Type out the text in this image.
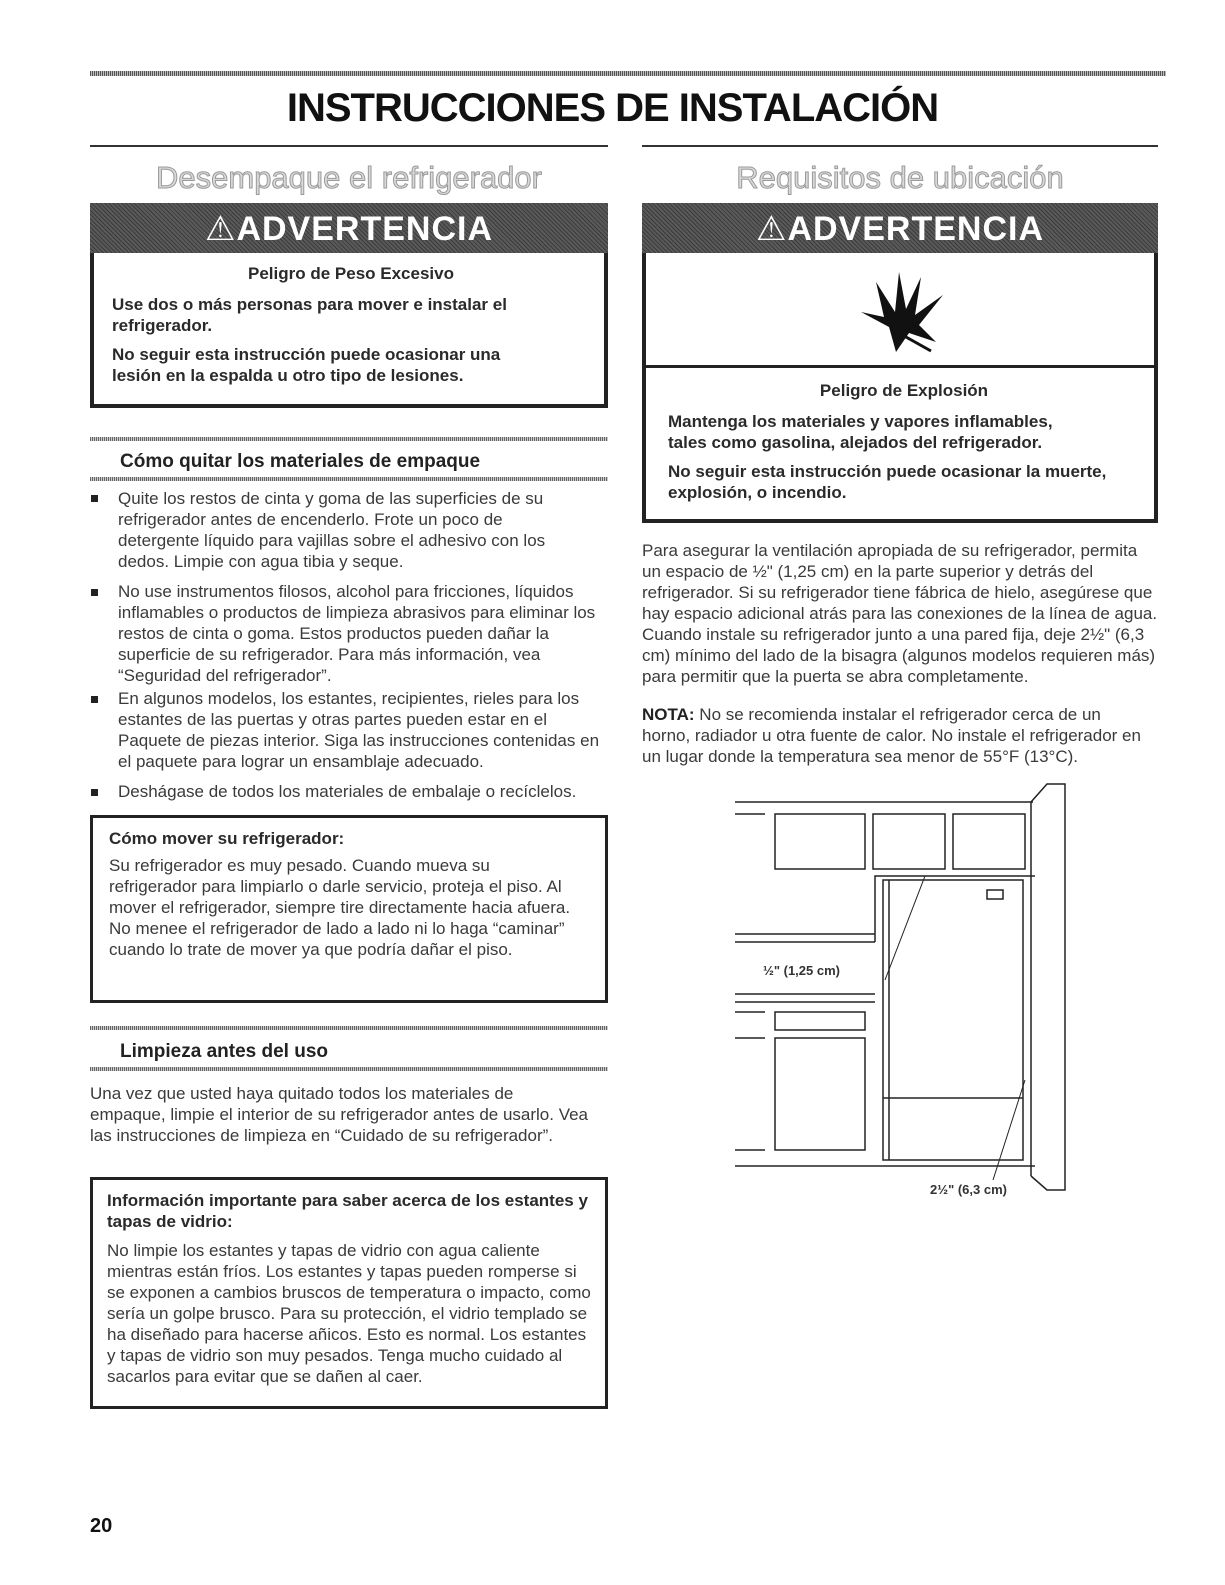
INSTRUCCIONES DE INSTALACIÓN
Desempaque el refrigerador
⚠ADVERTENCIA
Peligro de Peso Excesivo
Use dos o más personas para mover e instalar el refrigerador.
No seguir esta instrucción puede ocasionar una lesión en la espalda u otro tipo de lesiones.
Cómo quitar los materiales de empaque
Quite los restos de cinta y goma de las superficies de su refrigerador antes de encenderlo. Frote un poco de detergente líquido para vajillas sobre el adhesivo con los dedos. Limpie con agua tibia y seque.
No use instrumentos filosos, alcohol para fricciones, líquidos inflamables o productos de limpieza abrasivos para eliminar los restos de cinta o goma. Estos productos pueden dañar la superficie de su refrigerador. Para más información, vea “Seguridad del refrigerador”.
En algunos modelos, los estantes, recipientes, rieles para los estantes de las puertas y otras partes pueden estar en el Paquete de piezas interior. Siga las instrucciones contenidas en el paquete para lograr un ensamblaje adecuado.
Deshágase de todos los materiales de embalaje o recíclelos.
Cómo mover su refrigerador:
Su refrigerador es muy pesado. Cuando mueva su refrigerador para limpiarlo o darle servicio, proteja el piso. Al mover el refrigerador, siempre tire directamente hacia afuera. No menee el refrigerador de lado a lado ni lo haga “caminar” cuando lo trate de mover ya que podría dañar el piso.
Limpieza antes del uso
Una vez que usted haya quitado todos los materiales de empaque, limpie el interior de su refrigerador antes de usarlo. Vea las instrucciones de limpieza en “Cuidado de su refrigerador”.
Información importante para saber acerca de los estantes y tapas de vidrio:
No limpie los estantes y tapas de vidrio con agua caliente mientras están fríos. Los estantes y tapas pueden romperse si se exponen a cambios bruscos de temperatura o impacto, como sería un golpe brusco. Para su protección, el vidrio templado se ha diseñado para hacerse añicos. Esto es normal. Los estantes y tapas de vidrio son muy pesados. Tenga mucho cuidado al sacarlos para evitar que se dañen al caer.
Requisitos de ubicación
⚠ADVERTENCIA
Peligro de Explosión
Mantenga los materiales y vapores inflamables, tales como gasolina, alejados del refrigerador.
No seguir esta instrucción puede ocasionar la muerte, explosión, o incendio.
Para asegurar la ventilación apropiada de su refrigerador, permita un espacio de ½" (1,25 cm) en la parte superior y detrás del refrigerador. Si su refrigerador tiene fábrica de hielo, asegúrese que hay espacio adicional atrás para las conexiones de la línea de agua. Cuando instale su refrigerador junto a una pared fija, deje 2½" (6,3 cm) mínimo del lado de la bisagra (algunos modelos requieren más) para permitir que la puerta se abra completamente.
NOTA: No se recomienda instalar el refrigerador cerca de un horno, radiador u otra fuente de calor. No instale el refrigerador en un lugar donde la temperatura sea menor de 55°F (13°C).
½" (1,25 cm)
2½" (6,3 cm)
20
